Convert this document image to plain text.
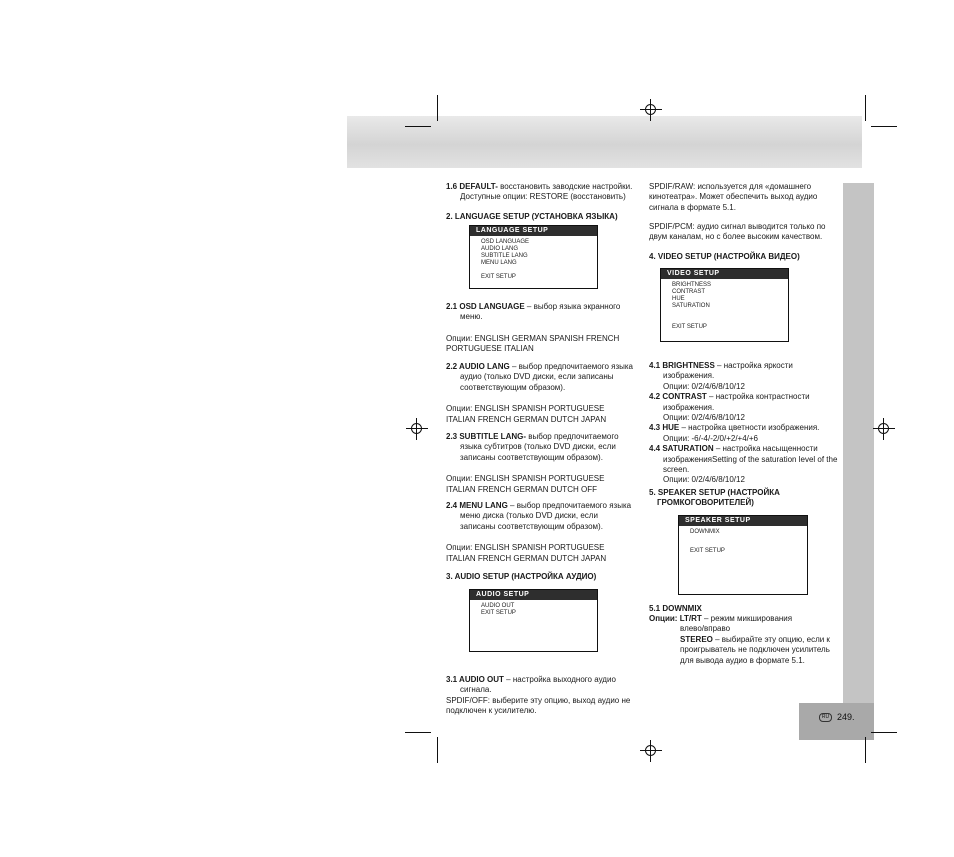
RU 249.
1.6 DEFAULT- восстановить заводские настройки.
Доступные опции: RESTORE (восстановить)
2. LANGUAGE SETUP (УСТАНОВКА ЯЗЫКА)
LANGUAGE SETUP
OSD LANGUAGE
AUDIO LANG
SUBTITLE LANG
MENU LANG
EXIT SETUP
2.1 OSD LANGUAGE – выбор языка экранного
меню.
Опции: ENGLISH GERMAN SPANISH FRENCH
PORTUGUESE ITALIAN
2.2 AUDIO LANG – выбор предпочитаемого языка
аудио (только DVD диски, если записаны
соответствующим образом).
Опции: ENGLISH SPANISH PORTUGUESE
ITALIAN FRENCH GERMAN DUTCH JAPAN
2.3 SUBTITLE LANG- выбор предпочитаемого
языка субтитров (только DVD диски, если
записаны соответствующим образом).
Опции: ENGLISH SPANISH PORTUGUESE
ITALIAN FRENCH GERMAN DUTCH OFF
2.4 MENU LANG – выбор предпочитаемого языка
меню диска (только DVD диски, если
записаны соответствующим образом).
Опции: ENGLISH SPANISH PORTUGUESE
ITALIAN FRENCH GERMAN DUTCH JAPAN
3. AUDIO SETUP (НАСТРОЙКА АУДИО)
AUDIO SETUP
AUDIO OUT
EXIT SETUP
3.1 AUDIO OUT – настройка выходного аудио
сигнала.
SPDIF/OFF: выберите эту опцию, выход аудио не
подключен к усилителю.
SPDIF/RAW: используется для «домашнего
кинотеатра». Может обеспечить выход аудио
сигнала в формате 5.1.
SPDIF/PCM: аудио сигнал выводится только по
двум каналам, но с более высоким качеством.
4. VIDEO SETUP (НАСТРОЙКА ВИДЕО)
VIDEO SETUP
BRIGHTNESS
CONTRAST
HUE
SATURATION
EXIT SETUP
4.1 BRIGHTNESS – настройка яркости
изображения.
Опции: 0/2/4/6/8/10/12
4.2 CONTRAST – настройка контрастности
изображения.
Опции: 0/2/4/6/8/10/12
4.3 HUE – настройка цветности изображения.
Опции: -6/-4/-2/0/+2/+4/+6
4.4 SATURATION – настройка насыщенности
изображенияSetting of the saturation level of the
screen.
Опции: 0/2/4/6/8/10/12
5. SPEAKER SETUP (НАСТРОЙКА
ГРОМКОГОВОРИТЕЛЕЙ)
SPEAKER SETUP
DOWNMIX
EXIT SETUP
5.1 DOWNMIX
Опции: LT/RT – режим микширования
влево/вправо
STEREO – выбирайте эту опцию, если к
проигрыватель не подключен усилитель
для вывода аудио в формате 5.1.
